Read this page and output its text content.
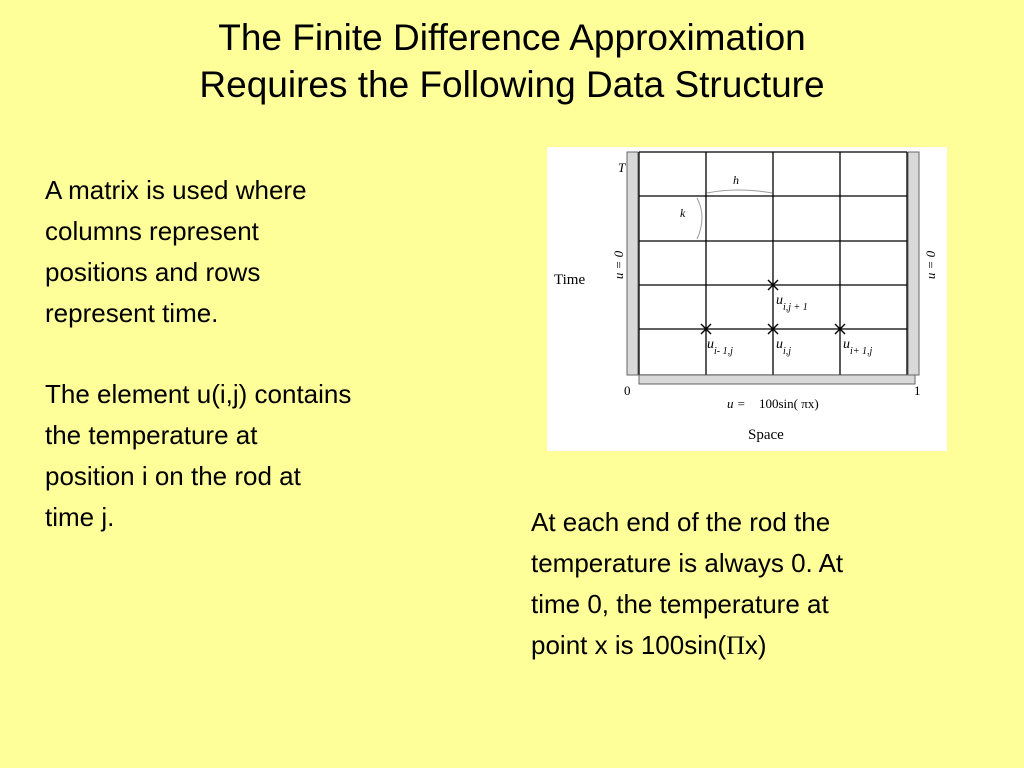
The Finite Difference Approximation
Requires the Following Data Structure
A matrix is used where
columns represent
positions and rows
represent time.
The element u(i,j) contains
the temperature at
position i on the rod at
time j.	At each end of the rod the
temperature is always 0. At
time 0, the temperature at
point x is 100sin(Πx)
T
Time
Space
0	1
u = 0	u = 0
u = 100sin( πx)
h
k
$u_{i,j + 1}$
$u_{i- 1,j}$	$u_{i,j}$	$u_{i+ 1,j}$
